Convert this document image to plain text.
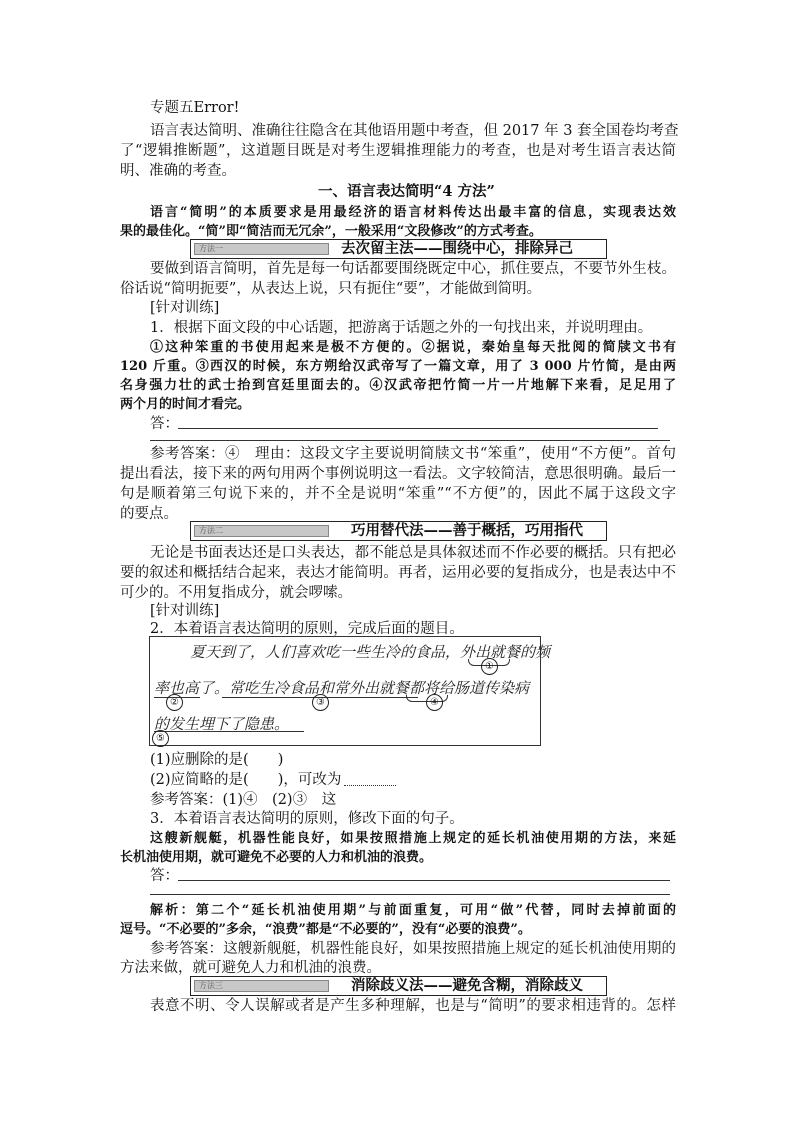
专题五Error!
语言表达简明、准确往往隐含在其他语用题中考查，但 2017 年 3 套全国卷均考查
了“逻辑推断题”，这道题目既是对考生逻辑推理能力的考查，也是对考生语言表达简
明、准确的考查。
一、语言表达简明“4 方法”
语言“简明”的本质要求是用最经济的语言材料传达出最丰富的信息，实现表达效
果的最佳化。“简”即“简洁而无冗余”，一般采用“文段修改”的方式考查。
方法一	去次留主法——围绕中心，排除异己
要做到语言简明，首先是每一句话都要围绕既定中心，抓住要点，不要节外生枝。
俗话说“简明扼要”，从表达上说，只有扼住“要”，才能做到简明。
[针对训练]
1．根据下面文段的中心话题，把游离于话题之外的一句找出来，并说明理由。
①这种笨重的书使用起来是极不方便的。②据说，秦始皇每天批阅的简牍文书有
120 斤重。③西汉的时候，东方朔给汉武帝写了一篇文章，用了 3 000 片竹简，是由两
名身强力壮的武士抬到宫廷里面去的。④汉武帝把竹简一片一片地解下来看，足足用了
两个月的时间才看完。
答：
参考答案：④　理由：这段文字主要说明简牍文书“笨重”，使用“不方便”。首句
提出看法，接下来的两句用两个事例说明这一看法。文字较简洁，意思很明确。最后一
句是顺着第三句说下来的，并不全是说明“笨重”“不方便”的，因此不属于这段文字
的要点。
方法二	巧用替代法——善于概括，巧用指代
无论是书面表达还是口头表达，都不能总是具体叙述而不作必要的概括。只有把必
要的叙述和概括结合起来，表达才能简明。再者，运用必要的复指成分，也是表达中不
可少的。不用复指成分，就会啰嗦。
[针对训练]
2．本着语言表达简明的原则，完成后面的题目。
夏天到了，人们喜欢吃一些生冷的食品，外出就餐的频
率也高了。常吃生冷食品和常外出就餐都将给肠道传染病
的发生埋下了隐患。
①
②	③	④
⑤
(1)应删除的是(　　)
(2)应简略的是(　　)，可改为
参考答案：(1)④　(2)③　这
3．本着语言表达简明的原则，修改下面的句子。
这艘新舰艇，机器性能良好，如果按照措施上规定的延长机油使用期的方法，来延
长机油使用期，就可避免不必要的人力和机油的浪费。
答：
解析：第二个“延长机油使用期”与前面重复，可用“做”代替，同时去掉前面的
逗号。“不必要的”多余，“浪费”都是“不必要的”，没有“必要的浪费”。
参考答案：这艘新舰艇，机器性能良好，如果按照措施上规定的延长机油使用期的
方法来做，就可避免人力和机油的浪费。
方法三	消除歧义法——避免含糊，消除歧义
表意不明、令人误解或者是产生多种理解，也是与“简明”的要求相违背的。怎样
